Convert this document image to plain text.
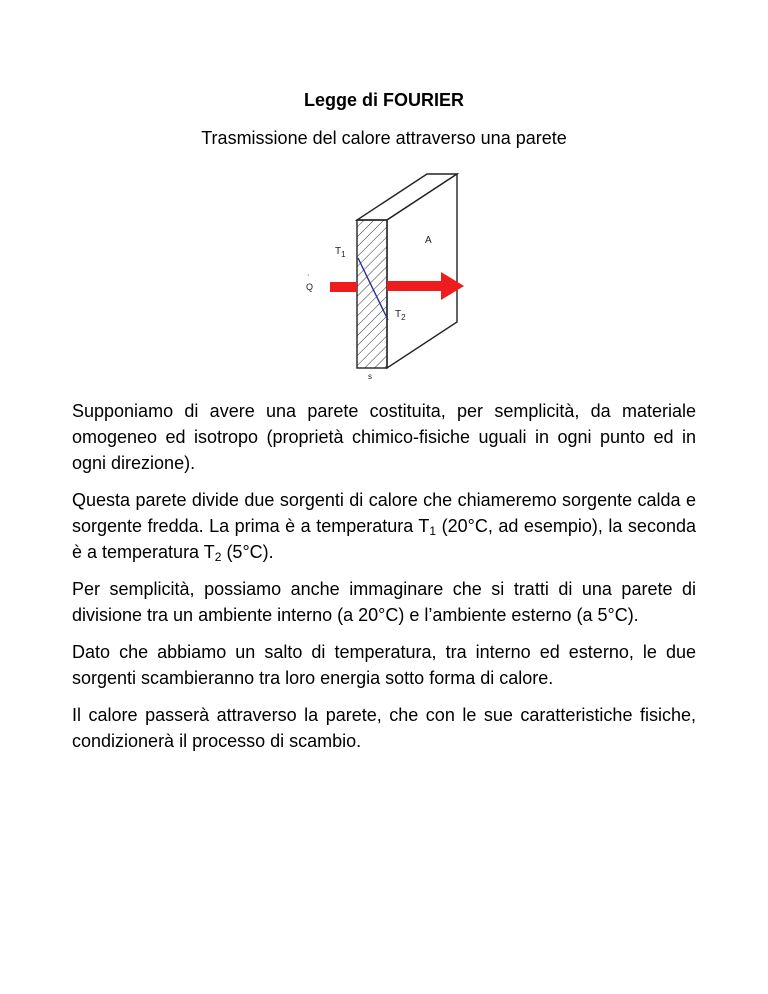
Legge di FOURIER
Trasmissione del calore attraverso una parete
$T_1$
$T_2$
Q
˙
A
s

Supponiamo di avere una parete costituita, per semplicità, da materiale omogeneo ed isotropo (proprietà chimico-fisiche uguali in ogni punto ed in ogni direzione).

Questa parete divide due sorgenti di calore che chiameremo sorgente calda e sorgente fredda. La prima è a temperatura $T_1$ (20°C, ad esempio), la seconda è a temperatura $T_2$ (5°C).

Per semplicità, possiamo anche immaginare che si tratti di una parete di divisione tra un ambiente interno (a 20°C) e l’ambiente esterno (a 5°C).

Dato che abbiamo un salto di temperatura, tra interno ed esterno, le due sorgenti scambieranno tra loro energia sotto forma di calore.

Il calore passerà attraverso la parete, che con le sue caratteristiche fisiche, condizionerà il processo di scambio.
